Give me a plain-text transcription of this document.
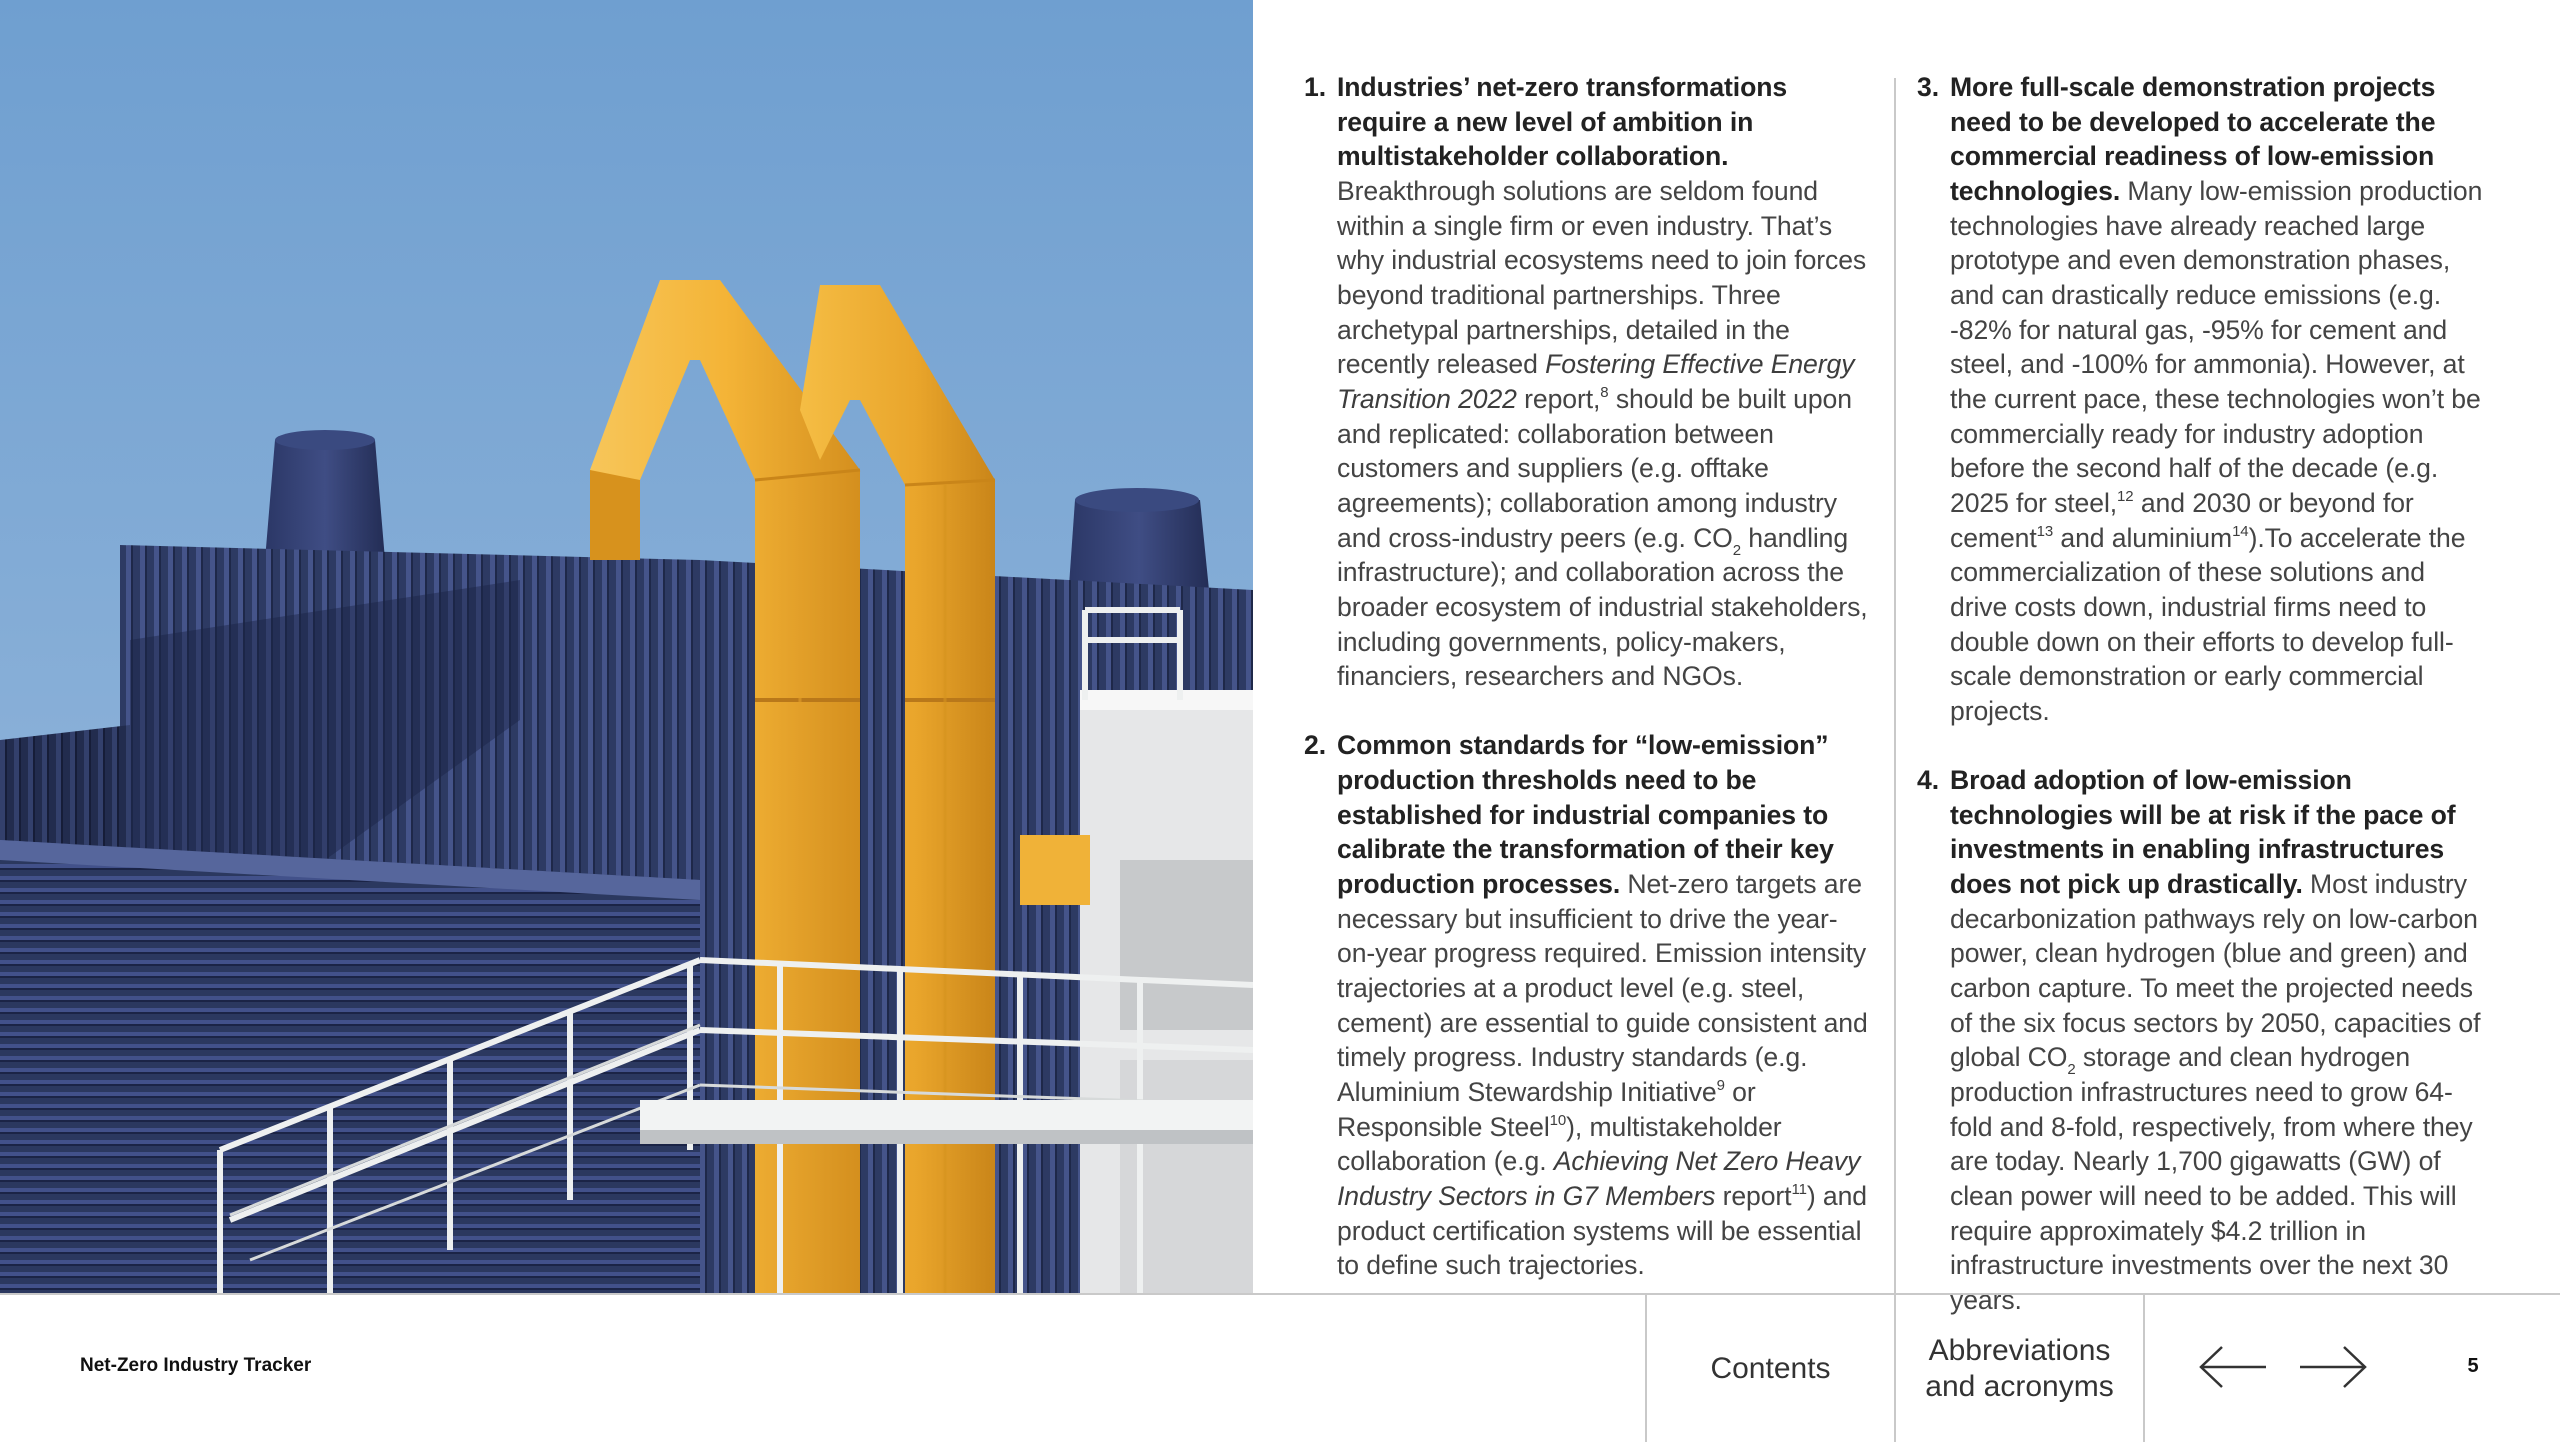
1. Industries’ net-zero transformations require a new level of ambition in multistakeholder collaboration. Breakthrough solutions are seldom found within a single firm or even industry. That’s why industrial ecosystems need to join forces beyond traditional partnerships. Three archetypal partnerships, detailed in the recently released Fostering Effective Energy Transition 2022 report,$^8$ should be built upon and replicated: collaboration between customers and suppliers (e.g. offtake agreements); collaboration among industry and cross-industry peers (e.g. $CO_2$ handling infrastructure); and collaboration across the broader ecosystem of industrial stakeholders, including governments, policy-makers, financiers, researchers and NGOs.

2. Common standards for “low-emission” production thresholds need to be established for industrial companies to calibrate the transformation of their key production processes. Net-zero targets are necessary but insufficient to drive the year-on-year progress required. Emission intensity trajectories at a product level (e.g. steel, cement) are essential to guide consistent and timely progress. Industry standards (e.g. Aluminium Stewardship Initiative$^9$ or Responsible Steel$^{10}$), multistakeholder collaboration (e.g. Achieving Net Zero Heavy Industry Sectors in G7 Members report$^{11}$) and product certification systems will be essential to define such trajectories.

3. More full-scale demonstration projects need to be developed to accelerate the commercial readiness of low-emission technologies. Many low-emission production technologies have already reached large prototype and even demonstration phases, and can drastically reduce emissions (e.g. -82% for natural gas, -95% for cement and steel, and -100% for ammonia). However, at the current pace, these technologies won’t be commercially ready for industry adoption before the second half of the decade (e.g. 2025 for steel,$^{12}$ and 2030 or beyond for cement$^{13}$ and aluminium$^{14}$).To accelerate the commercialization of these solutions and drive costs down, industrial firms need to double down on their efforts to develop full-scale demonstration or early commercial projects.

4. Broad adoption of low-emission technologies will be at risk if the pace of investments in enabling infrastructures does not pick up drastically. Most industry decarbonization pathways rely on low-carbon power, clean hydrogen (blue and green) and carbon capture. To meet the projected needs of the six focus sectors by 2050, capacities of global $CO_2$ storage and clean hydrogen production infrastructures need to grow 64-fold and 8-fold, respectively, from where they are today. Nearly 1,700 gigawatts (GW) of clean power will need to be added. This will require approximately $4.2 trillion in infrastructure investments over the next 30 years.

Net-Zero Industry Tracker	Contents
Abbreviations
and acronyms
5
